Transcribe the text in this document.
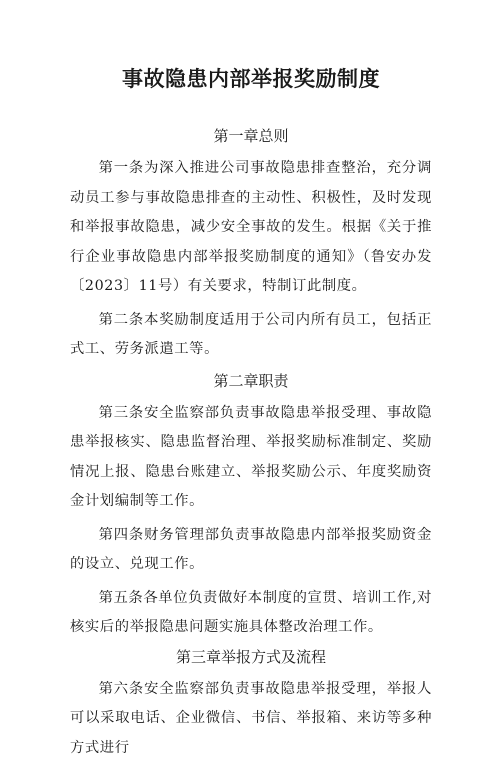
事故隐患内部举报奖励制度
第一章总则

第一条为深入推进公司事故隐患排查整治，充分调动员工参与事故隐患排查的主动性、积极性，及时发现和举报事故隐患，减少安全事故的发生。根据《关于推行企业事故隐患内部举报奖励制度的通知》（鲁安办发〔2023〕11号）有关要求，特制订此制度。

第二条本奖励制度适用于公司内所有员工，包括正式工、劳务派遣工等。

第二章职责

第三条安全监察部负责事故隐患举报受理、事故隐患举报核实、隐患监督治理、举报奖励标准制定、奖励情况上报、隐患台账建立、举报奖励公示、年度奖励资金计划编制等工作。

第四条财务管理部负责事故隐患内部举报奖励资金的设立、兑现工作。

第五条各单位负责做好本制度的宣贯、培训工作,对核实后的举报隐患问题实施具体整改治理工作。

第三章举报方式及流程

第六条安全监察部负责事故隐患举报受理，举报人可以采取电话、企业微信、书信、举报箱、来访等多种方式进行
